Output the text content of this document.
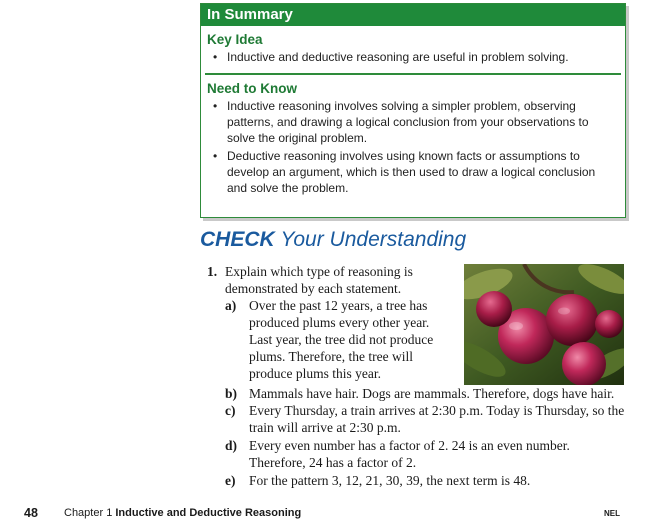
In Summary
Key Idea
• Inductive and deductive reasoning are useful in problem solving.
Need to Know
• Inductive reasoning involves solving a simpler problem, observing patterns, and drawing a logical conclusion from your observations to solve the original problem.
• Deductive reasoning involves using known facts or assumptions to develop an argument, which is then used to draw a logical conclusion and solve the problem.
CHECK Your Understanding
1. Explain which type of reasoning is demonstrated by each statement.
a) Over the past 12 years, a tree has produced plums every other year. Last year, the tree did not produce plums. Therefore, the tree will produce plums this year.
b) Mammals have hair. Dogs are mammals. Therefore, dogs have hair.
c) Every Thursday, a train arrives at 2:30 p.m. Today is Thursday, so the train will arrive at 2:30 p.m.
d) Every even number has a factor of 2. 24 is an even number. Therefore, 24 has a factor of 2.
e) For the pattern 3, 12, 21, 30, 39, the next term is 48.
48 Chapter 1 Inductive and Deductive Reasoning	NEL
